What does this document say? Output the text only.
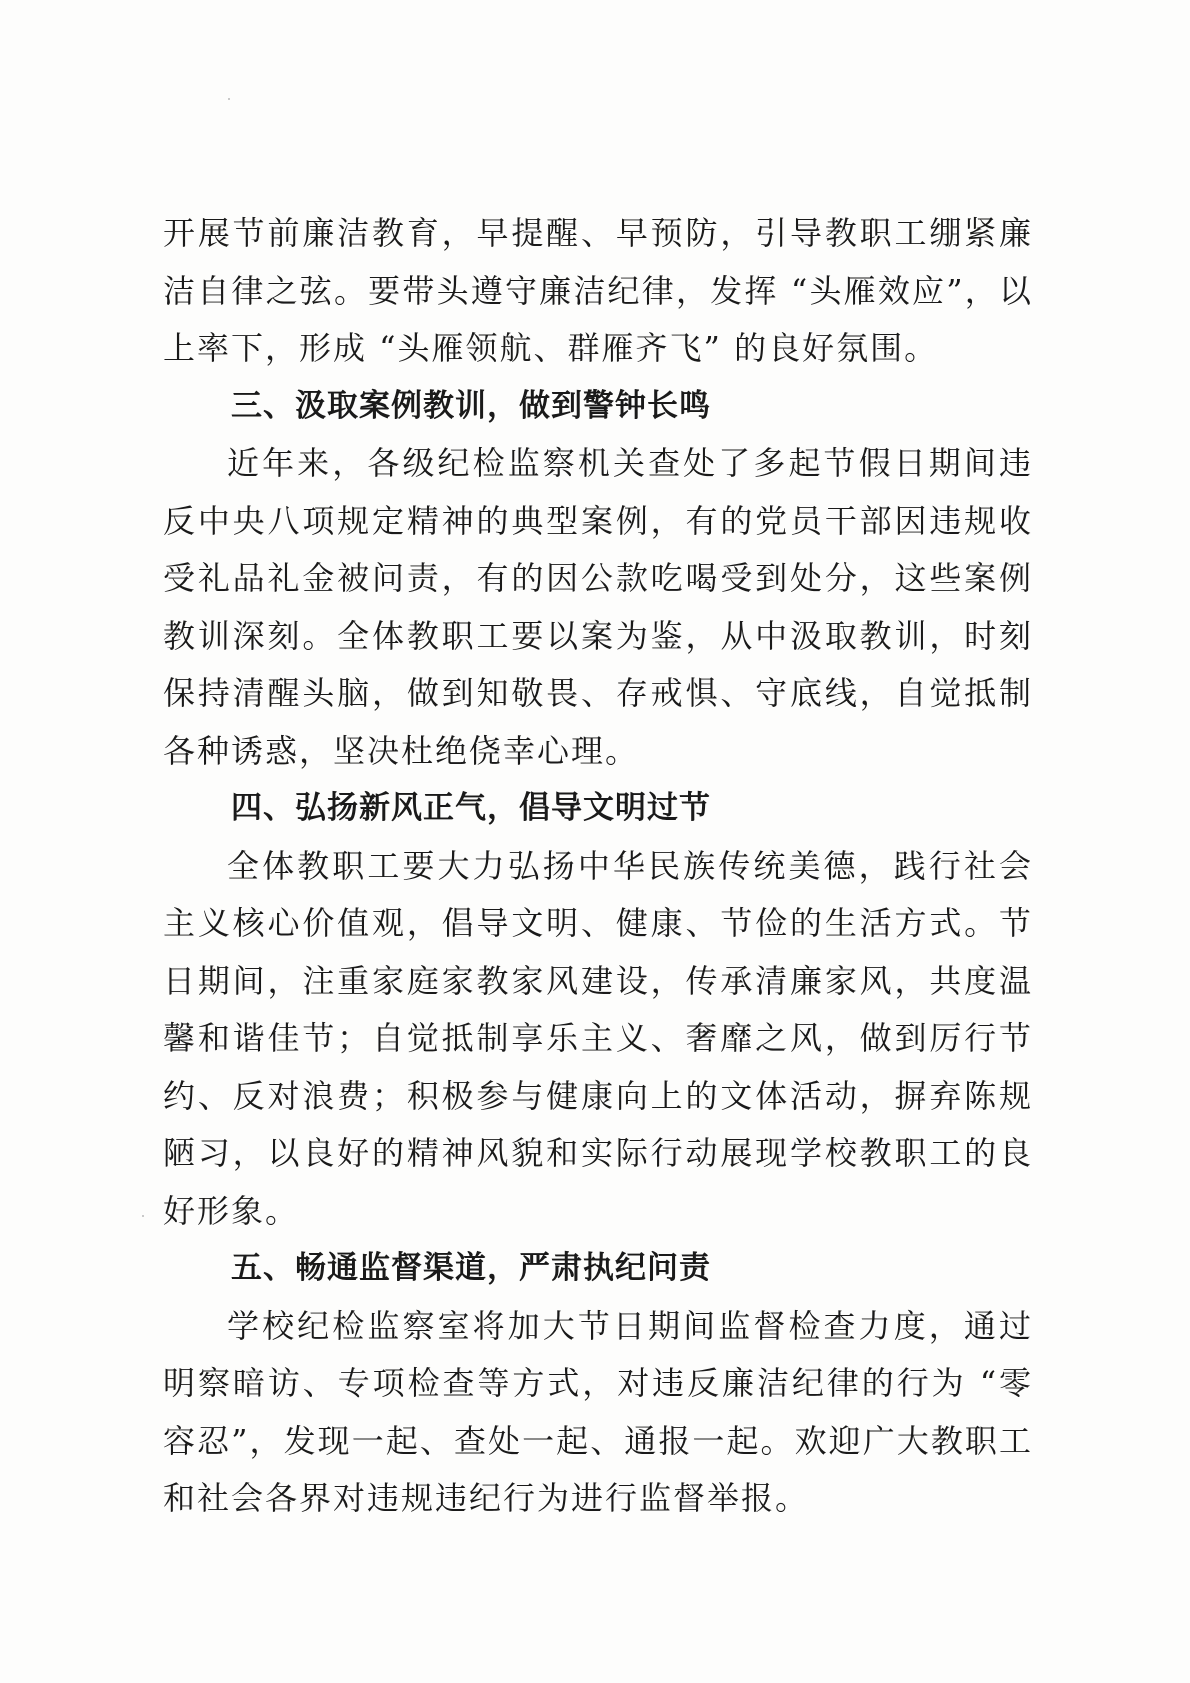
开展节前廉洁教育，早提醒、早预防，引导教职工绷紧廉洁自律之弦。要带头遵守廉洁纪律，发挥 “头雁效应”，以上率下，形成 “头雁领航、群雁齐飞” 的良好氛围。

三、汲取案例教训，做到警钟长鸣

近年来，各级纪检监察机关查处了多起节假日期间违反中央八项规定精神的典型案例，有的党员干部因违规收受礼品礼金被问责，有的因公款吃喝受到处分，这些案例教训深刻。全体教职工要以案为鉴，从中汲取教训，时刻保持清醒头脑，做到知敬畏、存戒惧、守底线，自觉抵制各种诱惑，坚决杜绝侥幸心理。

四、弘扬新风正气，倡导文明过节

全体教职工要大力弘扬中华民族传统美德，践行社会主义核心价值观，倡导文明、健康、节俭的生活方式。节日期间，注重家庭家教家风建设，传承清廉家风，共度温馨和谐佳节；自觉抵制享乐主义、奢靡之风，做到厉行节约、反对浪费；积极参与健康向上的文体活动，摒弃陈规陋习，以良好的精神风貌和实际行动展现学校教职工的良好形象。

五、畅通监督渠道，严肃执纪问责

学校纪检监察室将加大节日期间监督检查力度，通过明察暗访、专项检查等方式，对违反廉洁纪律的行为 “零容忍”，发现一起、查处一起、通报一起。欢迎广大教职工和社会各界对违规违纪行为进行监督举报。
